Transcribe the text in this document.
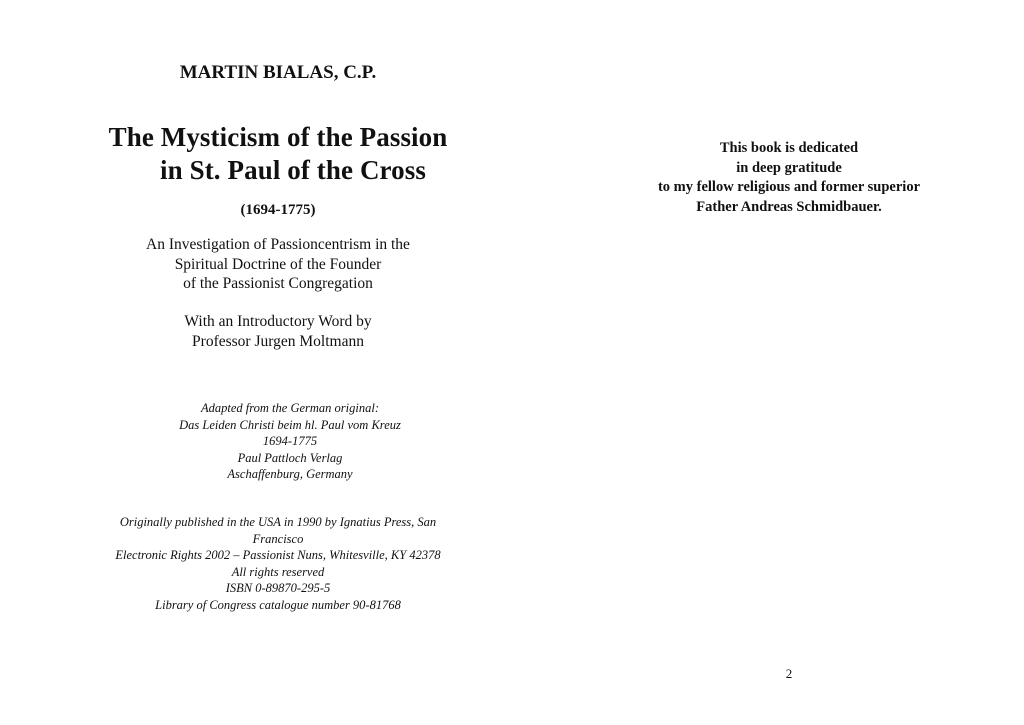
MARTIN BIALAS, C.P.
The Mysticism of the Passion
in St. Paul of the Cross
(1694-1775)
An Investigation of Passioncentrism in the
Spiritual Doctrine of the Founder
of the Passionist Congregation
With an Introductory Word by
Professor Jurgen Moltmann
Adapted from the German original:
Das Leiden Christi beim hl. Paul vom Kreuz
1694-1775
Paul Pattloch Verlag
Aschaffenburg, Germany
Originally published in the USA in 1990 by Ignatius Press, San
Francisco
Electronic Rights 2002 – Passionist Nuns, Whitesville, KY 42378
All rights reserved
ISBN 0-89870-295-5
Library of Congress catalogue number 90-81768
This book is dedicated
in deep gratitude
to my fellow religious and former superior
Father Andreas Schmidbauer.
2
